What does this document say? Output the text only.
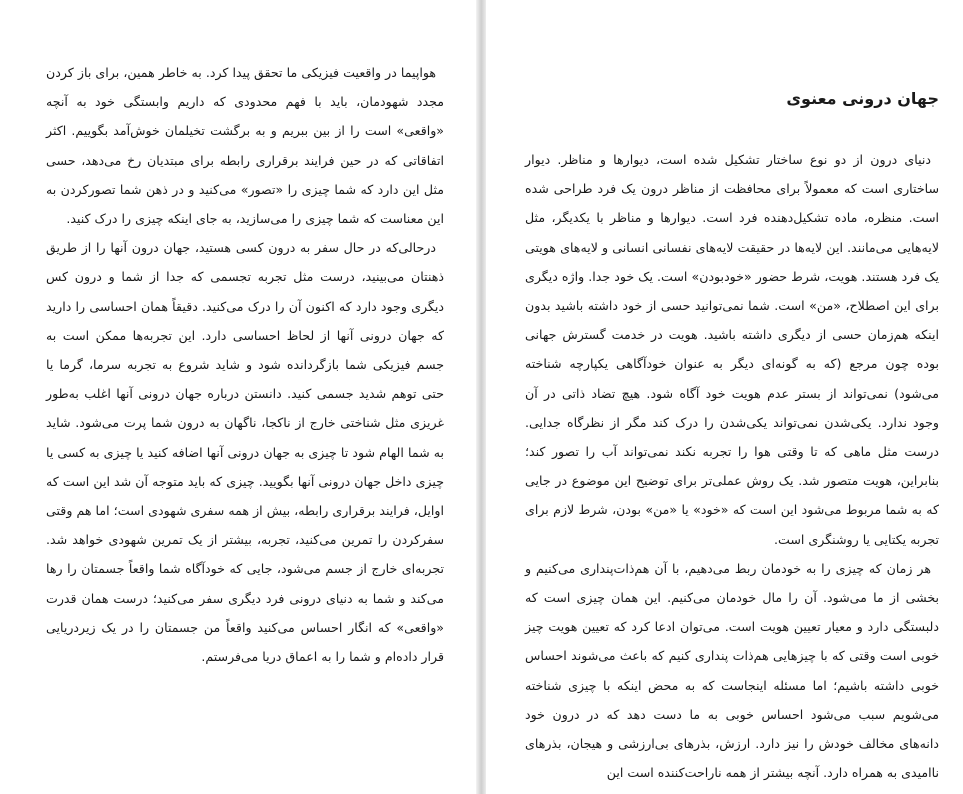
هواپیما در واقعیت فیزیکی ما تحقق پیدا کرد. به خاطر همین، برای باز کردن مجدد شهودمان، باید با فهم محدودی که داریم وابستگی خود به آنچه «واقعی» است را از بین ببریم و به برگشت تخیلمان خوش‌آمد بگوییم. اکثر اتفاقاتی که در حین فرایند برقراری رابطه برای مبتدیان رخ می‌دهد، حسی مثل این دارد که شما چیزی را «تصور» می‌کنید و در ذهن شما تصورکردن به این معناست که شما چیزی را می‌سازید، به جای اینکه چیزی را درک کنید.

درحالی‌که در حال سفر به درون کسی هستید، جهان درون آنها را از طریق ذهنتان می‌بینید، درست مثل تجربه تجسمی که جدا از شما و درون کس دیگری وجود دارد که اکنون آن را درک می‌کنید. دقیقاً همان احساسی را دارید که جهان درونی آنها از لحاظ احساسی دارد. این تجربه‌ها ممکن است به جسم فیزیکی شما بازگردانده شود و شاید شروع به تجربه سرما، گرما یا حتی توهم شدید جسمی کنید. دانستن درباره جهان درونی آنها اغلب به‌طور غریزی مثل شناختی خارج از ناکجا، ناگهان به درون شما پرت می‌شود. شاید به شما الهام شود تا چیزی به جهان درونی آنها اضافه کنید یا چیزی به کسی یا چیزی داخل جهان درونی آنها بگویید. چیزی که باید متوجه آن شد این است که اوایل، فرایند برقراری رابطه، بیش از همه سفری شهودی است؛ اما هم وقتی سفرکردن را تمرین می‌کنید، تجربه، بیشتر از یک تمرین شهودی خواهد شد. تجربه‌ای خارج از جسم می‌شود، جایی که خودآگاه شما واقعاً جسمتان را رها می‌کند و شما به دنیای درونی فرد دیگری سفر می‌کنید؛ درست همان قدرت «واقعی» که انگار احساس می‌کنید واقعاً من جسمتان را در یک زیردریایی قرار داده‌ام و شما را به اعماق دریا می‌فرستم.

جهان درونی معنوی

دنیای درون از دو نوع ساختار تشکیل شده است، دیوارها و مناظر. دیوار ساختاری است که معمولاً برای محافظت از مناظر درون یک فرد طراحی شده است. منظره، ماده تشکیل‌دهنده فرد است. دیوارها و مناظر با یکدیگر، مثل لایه‌هایی می‌مانند. این لایه‌ها در حقیقت لایه‌های نفسانی انسانی و لایه‌های هویتی یک فرد هستند. هویت، شرط حضور «خودبودن» است. یک خود جدا. واژه دیگری برای این اصطلاح، «من» است. شما نمی‌توانید حسی از خود داشته باشید بدون اینکه هم‌زمان حسی از دیگری داشته باشید. هویت در خدمت گسترش جهانی بوده چون مرجع (که به گونه‌ای دیگر به عنوان خودآگاهی یکپارچه شناخته می‌شود) نمی‌تواند از بستر عدم هویت خود آگاه شود. هیچ تضاد ذاتی در آن وجود ندارد. یکی‌شدن نمی‌تواند یکی‌شدن را درک کند مگر از نظرگاه جدایی. درست مثل ماهی که تا وقتی هوا را تجربه نکند نمی‌تواند آب را تصور کند؛ بنابراین، هویت متصور شد. یک روش عملی‌تر برای توضیح این موضوع در جایی که به شما مربوط می‌شود این است که «خود» یا «من» بودن، شرط لازم برای تجربه یکتایی یا روشنگری است.

هر زمان که چیزی را به خودمان ربط می‌دهیم، با آن هم‌ذات‌پنداری می‌کنیم و بخشی از ما می‌شود. آن را مال خودمان می‌کنیم. این همان چیزی است که دلبستگی دارد و معیار تعیین هویت است. می‌توان ادعا کرد که تعیین هویت چیز خوبی است وقتی که با چیزهایی هم‌ذات پنداری کنیم که باعث می‌شوند احساس خوبی داشته باشیم؛ اما مسئله اینجاست که به محض اینکه با چیزی شناخته می‌شویم سبب می‌شود احساس خوبی به ما دست دهد که در درون خود دانه‌های مخالف خودش را نیز دارد. ارزش، بذرهای بی‌ارزشی و هیجان، بذرهای ناامیدی به همراه دارد. آنچه بیشتر از همه ناراحت‌کننده است این
